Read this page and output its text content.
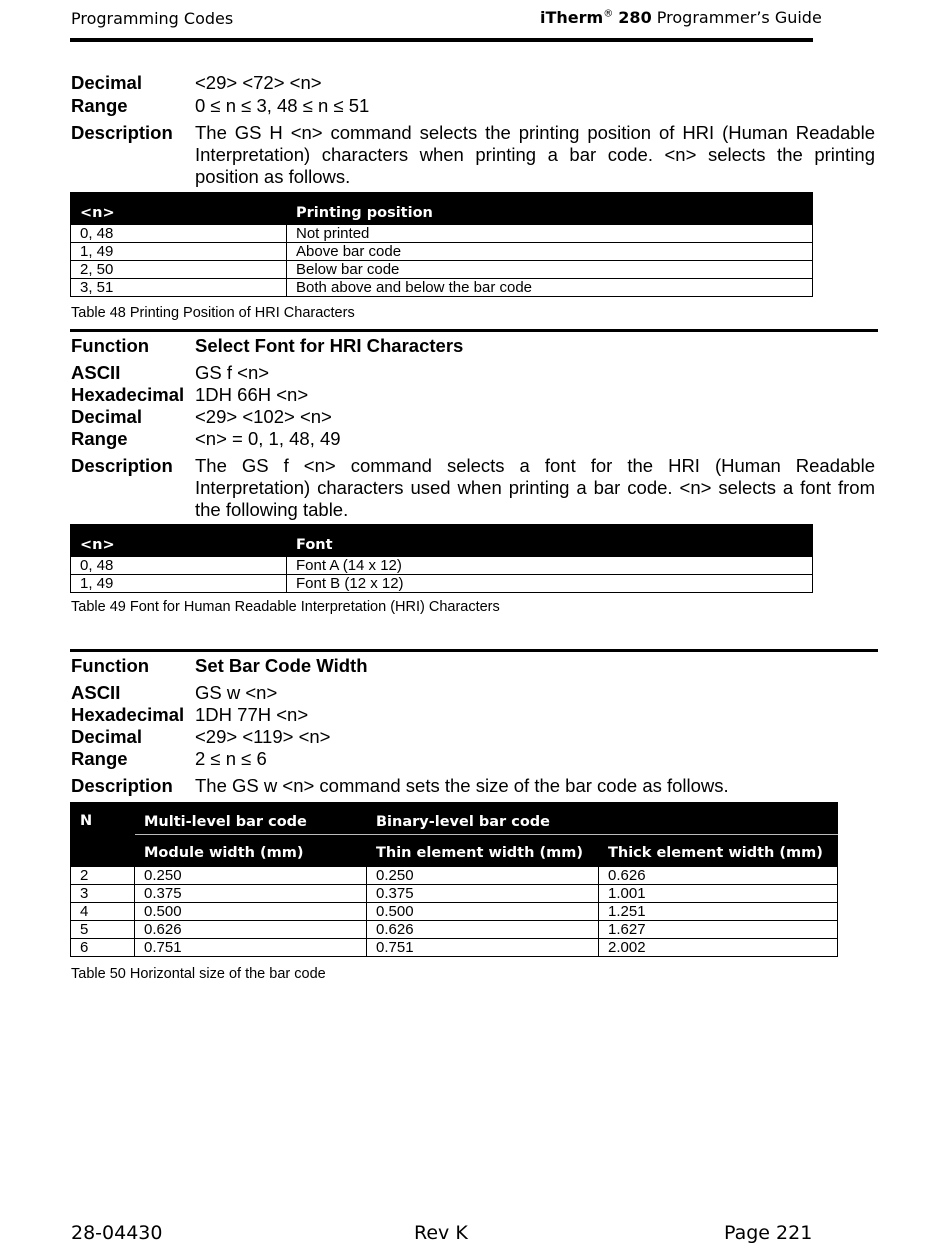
Programming Codes	iTherm® 280 Programmer’s Guide
Decimal	<29> <72> <n>
Range	0 ≤ n ≤ 3, 48 ≤ n ≤ 51
Description The GS H <n> command selects the printing position of HRI (Human Readable Interpretation) characters when printing a bar code. <n> selects the printing position as follows.
<n>	Printing position
0, 48	Not printed
1, 49	Above bar code
2, 50	Below bar code
3, 51	Both above and below the bar code
Table 48 Printing Position of HRI Characters
Function Select Font for HRI Characters
ASCII	GS f <n>
Hexadecimal 1DH 66H <n>
Decimal	<29> <102> <n>
Range	<n> = 0, 1, 48, 49
Description The GS f <n> command selects a font for the HRI (Human Readable Interpretation) characters used when printing a bar code. <n> selects a font from the following table.
<n>	Font
0, 48	Font A (14 x 12)
1, 49	Font B (12 x 12)
Table 49 Font for Human Readable Interpretation (HRI) Characters
Function Set Bar Code Width
ASCII	GS w <n>
Hexadecimal 1DH 77H <n>
Decimal	<29> <119> <n>
Range	2 ≤ n ≤ 6
Description The GS w <n> command sets the size of the bar code as follows.
N	Multi-level bar code	Binary-level bar code	
	Module width (mm)	Thin element width (mm)	Thick element width (mm)
2	0.250	0.250	0.626
3	0.375	0.375	1.001
4	0.500	0.500	1.251
5	0.626	0.626	1.627
6	0.751	0.751	2.002
Table 50 Horizontal size of the bar code
28-04430	Rev K	Page 221
